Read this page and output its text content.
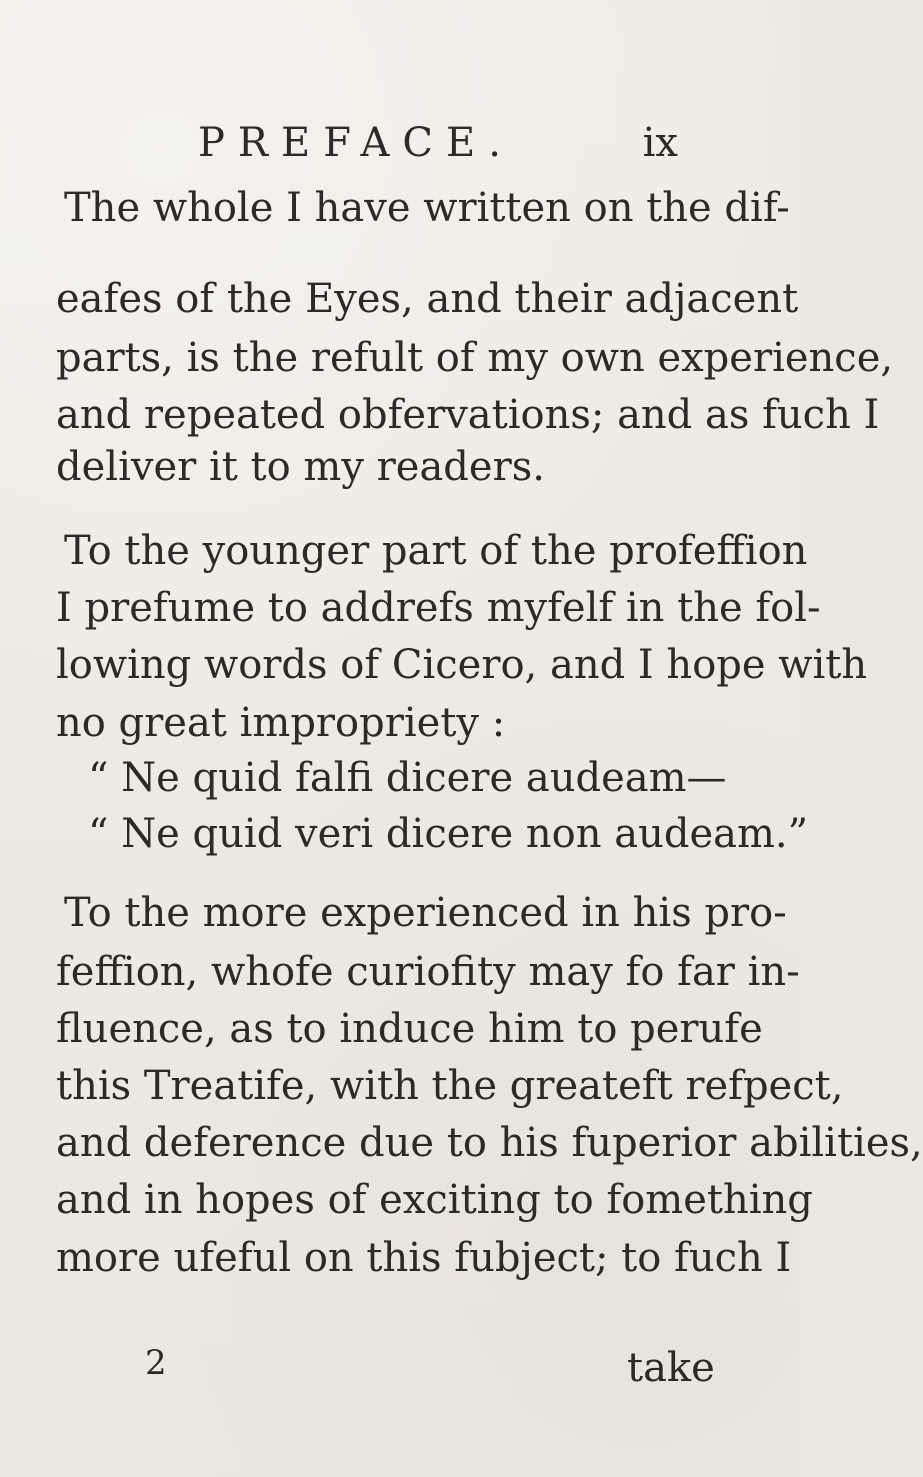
PREFACE.	ix
The whole I have written on the dif-
eafes of the Eyes, and their adjacent
parts, is the refult of my own experience,
and repeated obfervations; and as fuch I
deliver it to my readers.
To the younger part of the profeffion
I prefume to addrefs myfelf in the fol-
lowing words of Cicero, and I hope with
no great impropriety :
“ Ne quid falfi dicere audeam—
“ Ne quid veri dicere non audeam.”
To the more experienced in his pro-
feffion, whofe curiofity may fo far in-
fluence, as to induce him to perufe
this Treatife, with the greateft refpect,
and deference due to his fuperior abilities,
and in hopes of exciting to fomething
more ufeful on this fubject; to fuch I
2	take
